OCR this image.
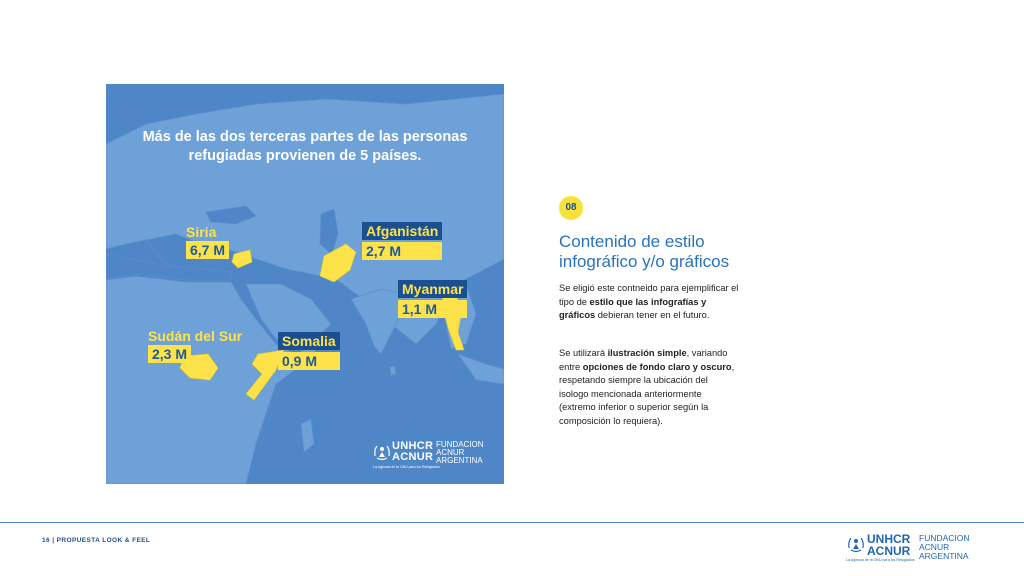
Más de las dos terceras partes de las personas
refugiadas provienen de 5 países.
Siria
6,7 M
Afganistán
2,7 M
Myanmar
1,1 M
Sudán del Sur
2,3 M
Somalia
0,9 M
UNHCR
ACNUR
La Agencia de la ONU para los Refugiados
FUNDACION
ACNUR
ARGENTINA
08
Contenido de estilo
infográfico y/o gráficos
Se eligió este contneido para ejemplificar el tipo de estilo que las infografías y gráficos debieran tener en el futuro.
Se utilizará ilustración simple, variando entre opciones de fondo claro y oscuro, respetando siempre la ubicación del isologo mencionada anteriormente (extremo inferior o superior según la composición lo requiera).
16 | PROPUESTA LOOK & FEEL	UNHCR
ACNUR
La Agencia de la ONU para los Refugiados
FUNDACION
ACNUR
ARGENTINA
